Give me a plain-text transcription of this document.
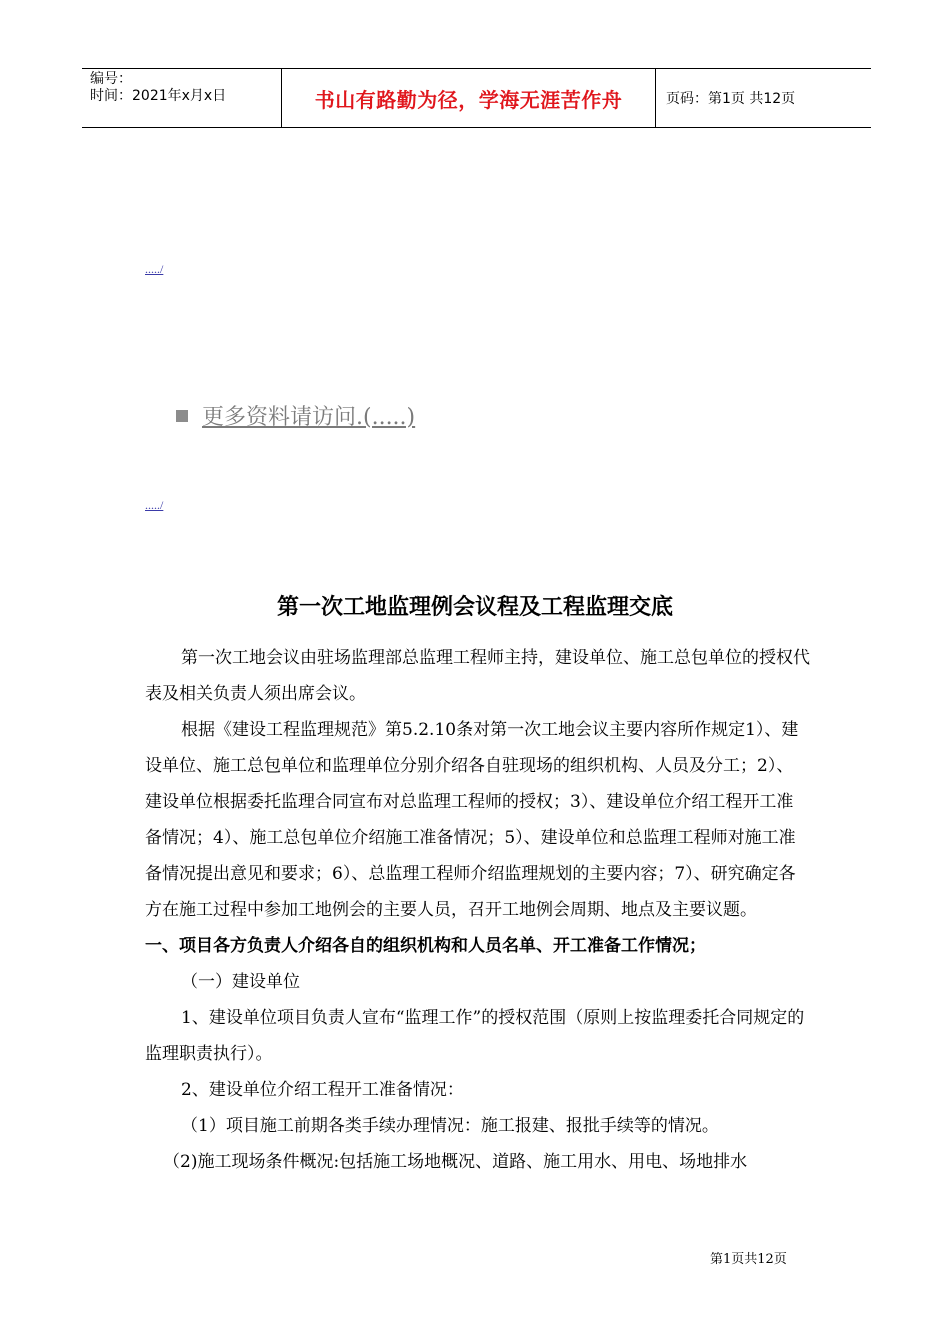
编号：
时间：2021年x月x日	书山有路勤为径，学海无涯苦作舟	页码：第1页 共12页
...../
更多资料请访问.(.....)
...../
第一次工地监理例会议程及工程监理交底

第一次工地会议由驻场监理部总监理工程师主持，建设单位、施工总包单位的授权代表及相关负责人须出席会议。

根据《建设工程监理规范》第5.2.10条对第一次工地会议主要内容所作规定1）、建设单位、施工总包单位和监理单位分别介绍各自驻现场的组织机构、人员及分工；2）、建设单位根据委托监理合同宣布对总监理工程师的授权；3）、建设单位介绍工程开工准备情况；4）、施工总包单位介绍施工准备情况；5）、建设单位和总监理工程师对施工准备情况提出意见和要求；6）、总监理工程师介绍监理规划的主要内容；7）、研究确定各方在施工过程中参加工地例会的主要人员，召开工地例会周期、地点及主要议题。

一、项目各方负责人介绍各自的组织机构和人员名单、开工准备工作情况；

（一）建设单位

1、建设单位项目负责人宣布“监理工作”的授权范围（原则上按监理委托合同规定的监理职责执行）。

2、建设单位介绍工程开工准备情况：

（1）项目施工前期各类手续办理情况：施工报建、报批手续等的情况。

（2)施工现场条件概况:包括施工场地概况、道路、施工用水、用电、场地排水

第1页共12页
